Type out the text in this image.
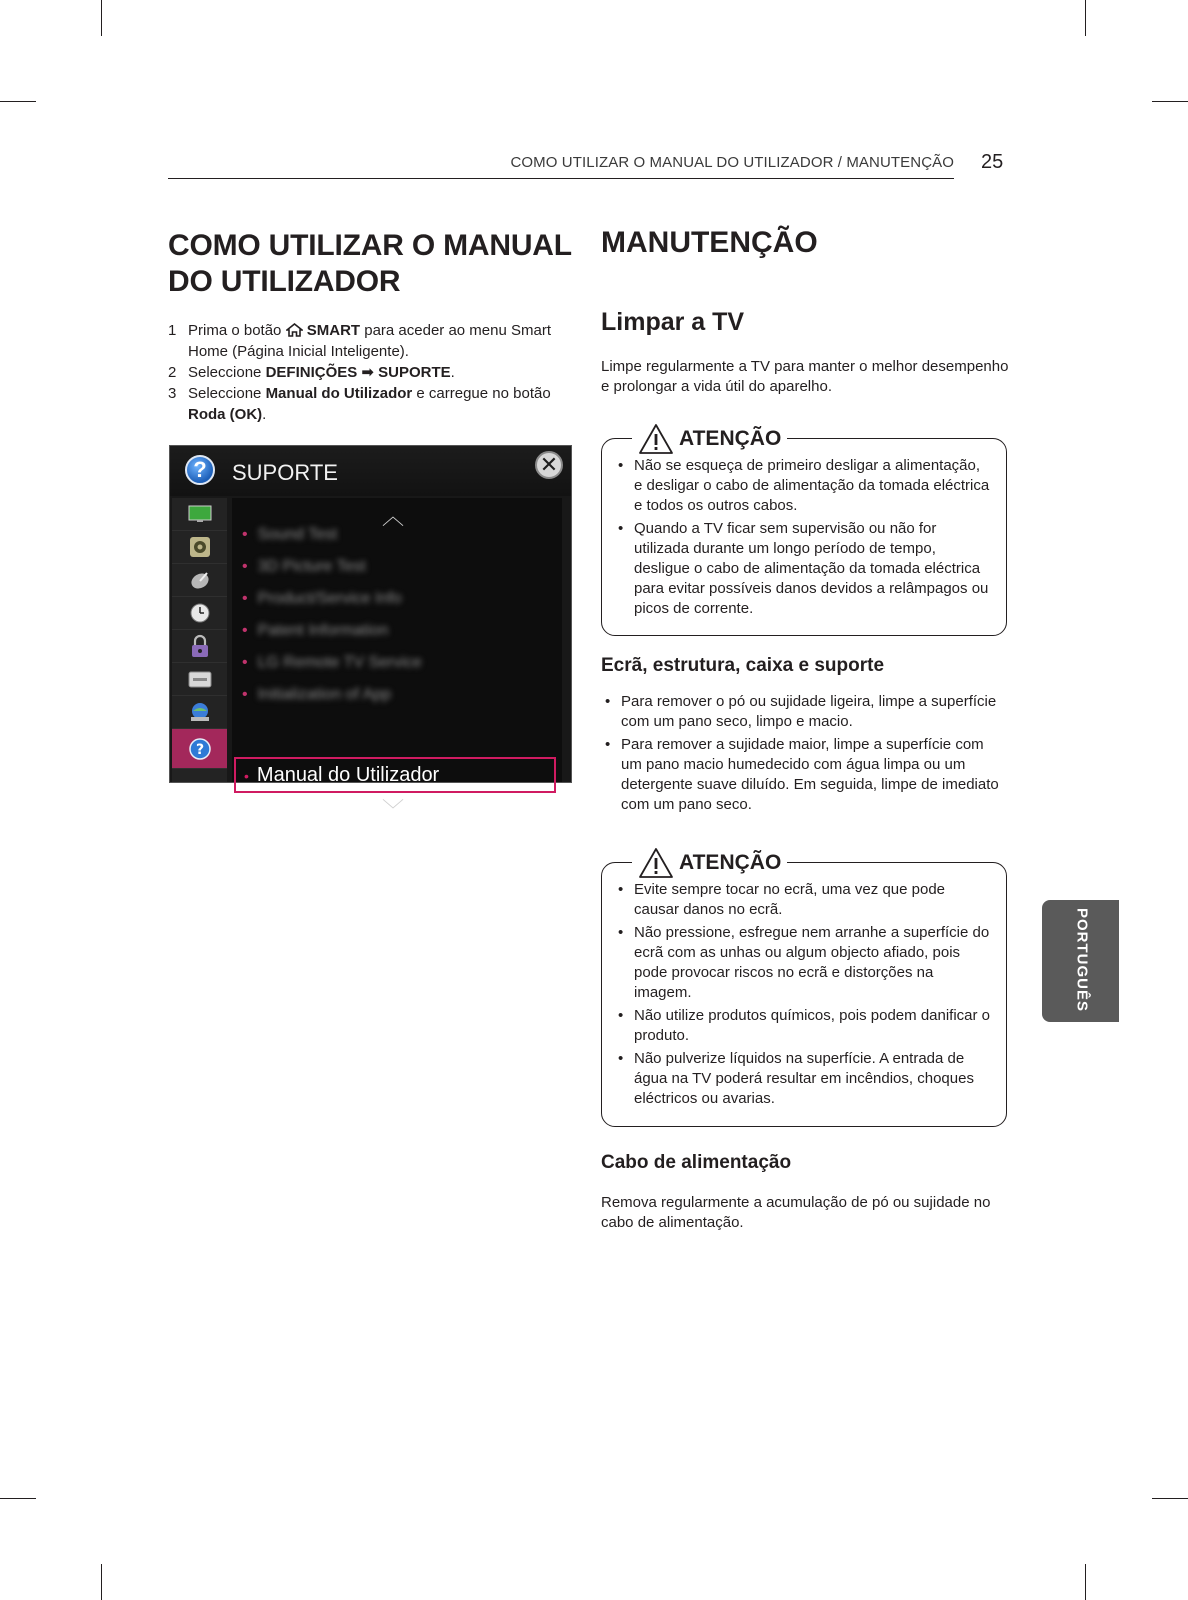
COMO UTILIZAR O MANUAL DO UTILIZADOR / MANUTENÇÃO 25
COMO UTILIZAR O MANUAL
DO UTILIZADOR
1 Prima o botão  SMART para aceder ao menu Smart Home (Página Inicial Inteligente).
2 Seleccione DEFINIÇÕES ➡ SUPORTE.
3 Seleccione Manual do Utilizador e carregue no botão Roda (OK).
?	SUPORTE	✕
?
︿
• Sound Test
• 3D Picture Test
• Product/Service Info
• Patent Information
• LG Remote TV Service
• Initialization of App
• Manual do Utilizador
﹀
MANUTENÇÃO
Limpar a TV
Limpe regularmente a TV para manter o melhor desempenho e prolongar a vida útil do aparelho.
ATENÇÃO
• Não se esqueça de primeiro desligar a alimentação, e desligar o cabo de alimentação da tomada eléctrica e todos os outros cabos.
• Quando a TV ficar sem supervisão ou não for utilizada durante um longo período de tempo, desligue o cabo de alimentação da tomada eléctrica para evitar possíveis danos devidos a relâmpagos ou picos de corrente.
Ecrã, estrutura, caixa e suporte
• Para remover o pó ou sujidade ligeira, limpe a superfície com um pano seco, limpo e macio.
• Para remover a sujidade maior, limpe a superfície com um pano macio humedecido com água limpa ou um detergente suave diluído. Em seguida, limpe de imediato com um pano seco.
ATENÇÃO
• Evite sempre tocar no ecrã, uma vez que pode causar danos no ecrã.
• Não pressione, esfregue nem arranhe a superfície do ecrã com as unhas ou algum objecto afiado, pois pode provocar riscos no ecrã e distorções na imagem.
• Não utilize produtos químicos, pois podem danificar o produto.
• Não pulverize líquidos na superfície. A entrada de água na TV poderá resultar em incêndios, choques eléctricos ou avarias.
Cabo de alimentação
Remova regularmente a acumulação de pó ou sujidade no cabo de alimentação.
PORTUGUÊS
